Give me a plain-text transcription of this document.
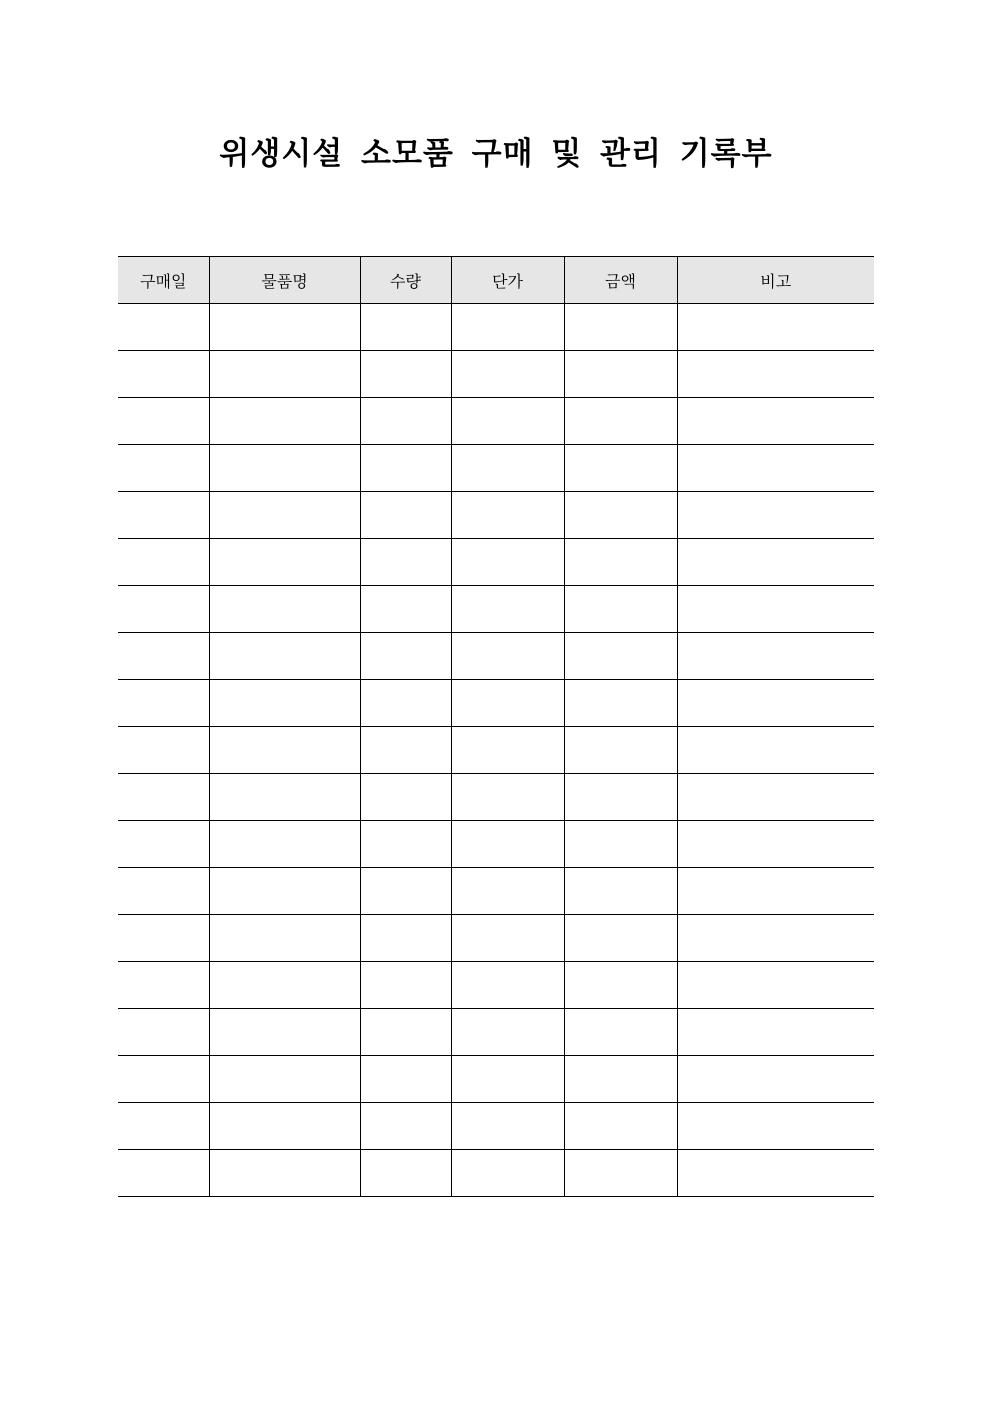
위생시설 소모품 구매 및 관리 기록부
구매일	물품명	수량	단가	금액	비고
